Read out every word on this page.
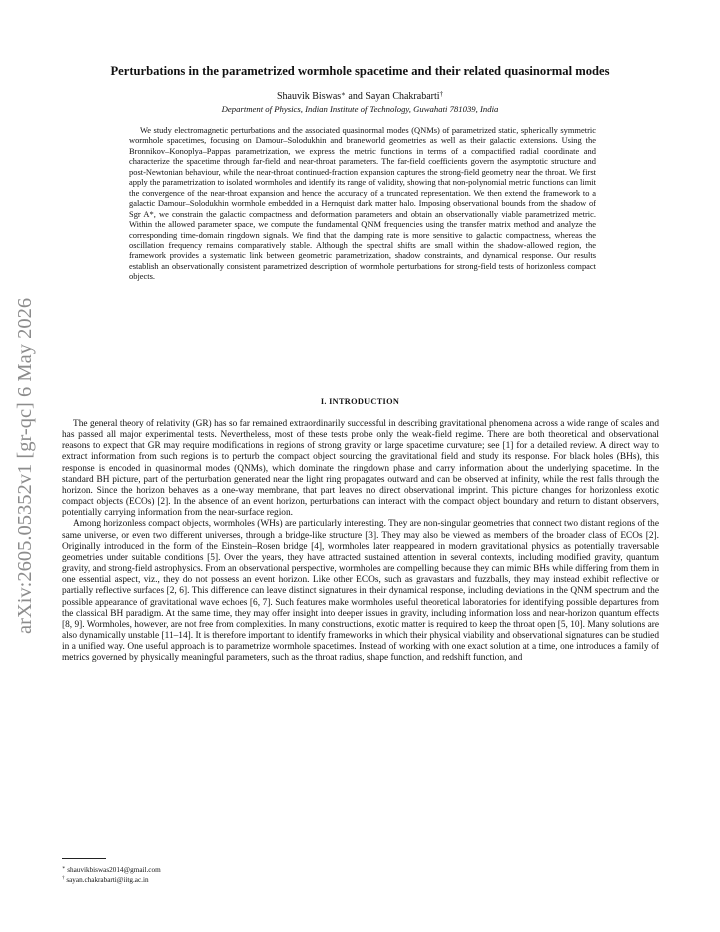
arXiv:2605.05352v1 [gr-qc] 6 May 2026
Perturbations in the parametrized wormhole spacetime and their related quasinormal modes
Shauvik Biswas∗ and Sayan Chakrabarti†
Department of Physics, Indian Institute of Technology, Guwahati 781039, India

We study electromagnetic perturbations and the associated quasinormal modes (QNMs) of parametrized static, spherically symmetric wormhole spacetimes, focusing on Damour–Solodukhin and braneworld geometries as well as their galactic extensions. Using the Bronnikov–Konoplya–Pappas parametrization, we express the metric functions in terms of a compactified radial coordinate and characterize the spacetime through far-field and near-throat parameters. The far-field coefficients govern the asymptotic structure and post-Newtonian behaviour, while the near-throat continued-fraction expansion captures the strong-field geometry near the throat. We first apply the parametrization to isolated wormholes and identify its range of validity, showing that non-polynomial metric functions can limit the convergence of the near-throat expansion and hence the accuracy of a truncated representation. We then extend the framework to a galactic Damour–Solodukhin wormhole embedded in a Hernquist dark matter halo. Imposing observational bounds from the shadow of Sgr A*, we constrain the galactic compactness and deformation parameters and obtain an observationally viable parametrized metric. Within the allowed parameter space, we compute the fundamental QNM frequencies using the transfer matrix method and analyze the corresponding time-domain ringdown signals. We find that the damping rate is more sensitive to galactic compactness, whereas the oscillation frequency remains comparatively stable. Although the spectral shifts are small within the shadow-allowed region, the framework provides a systematic link between geometric parametrization, shadow constraints, and dynamical response. Our results establish an observationally consistent parametrized description of wormhole perturbations for strong-field tests of horizonless compact objects.

I. INTRODUCTION

The general theory of relativity (GR) has so far remained extraordinarily successful in describing gravitational phenomena across a wide range of scales and has passed all major experimental tests. Nevertheless, most of these tests probe only the weak-field regime. There are both theoretical and observational reasons to expect that GR may require modifications in regions of strong gravity or large spacetime curvature; see [1] for a detailed review. A direct way to extract information from such regions is to perturb the compact object sourcing the gravitational field and study its response. For black holes (BHs), this response is encoded in quasinormal modes (QNMs), which dominate the ringdown phase and carry information about the underlying spacetime. In the standard BH picture, part of the perturbation generated near the light ring propagates outward and can be observed at infinity, while the rest falls through the horizon. Since the horizon behaves as a one-way membrane, that part leaves no direct observational imprint. This picture changes for horizonless exotic compact objects (ECOs) [2]. In the absence of an event horizon, perturbations can interact with the compact object boundary and return to distant observers, potentially carrying information from the near-surface region.

Among horizonless compact objects, wormholes (WHs) are particularly interesting. They are non-singular geometries that connect two distant regions of the same universe, or even two different universes, through a bridge-like structure [3]. They may also be viewed as members of the broader class of ECOs [2]. Originally introduced in the form of the Einstein–Rosen bridge [4], wormholes later reappeared in modern gravitational physics as potentially traversable geometries under suitable conditions [5]. Over the years, they have attracted sustained attention in several contexts, including modified gravity, quantum gravity, and strong-field astrophysics. From an observational perspective, wormholes are compelling because they can mimic BHs while differing from them in one essential aspect, viz., they do not possess an event horizon. Like other ECOs, such as gravastars and fuzzballs, they may instead exhibit reflective or partially reflective surfaces [2, 6]. This difference can leave distinct signatures in their dynamical response, including deviations in the QNM spectrum and the possible appearance of gravitational wave echoes [6, 7]. Such features make wormholes useful theoretical laboratories for identifying possible departures from the classical BH paradigm. At the same time, they may offer insight into deeper issues in gravity, including information loss and near-horizon quantum effects [8, 9]. Wormholes, however, are not free from complexities. In many constructions, exotic matter is required to keep the throat open [5, 10]. Many solutions are also dynamically unstable [11–14]. It is therefore important to identify frameworks in which their physical viability and observational signatures can be studied in a unified way. One useful approach is to parametrize wormhole spacetimes. Instead of working with one exact solution at a time, one introduces a family of metrics governed by physically meaningful parameters, such as the throat radius, shape function, and redshift function, and

∗ shauvikbiswas2014@gmail.com
† sayan.chakrabarti@iitg.ac.in
